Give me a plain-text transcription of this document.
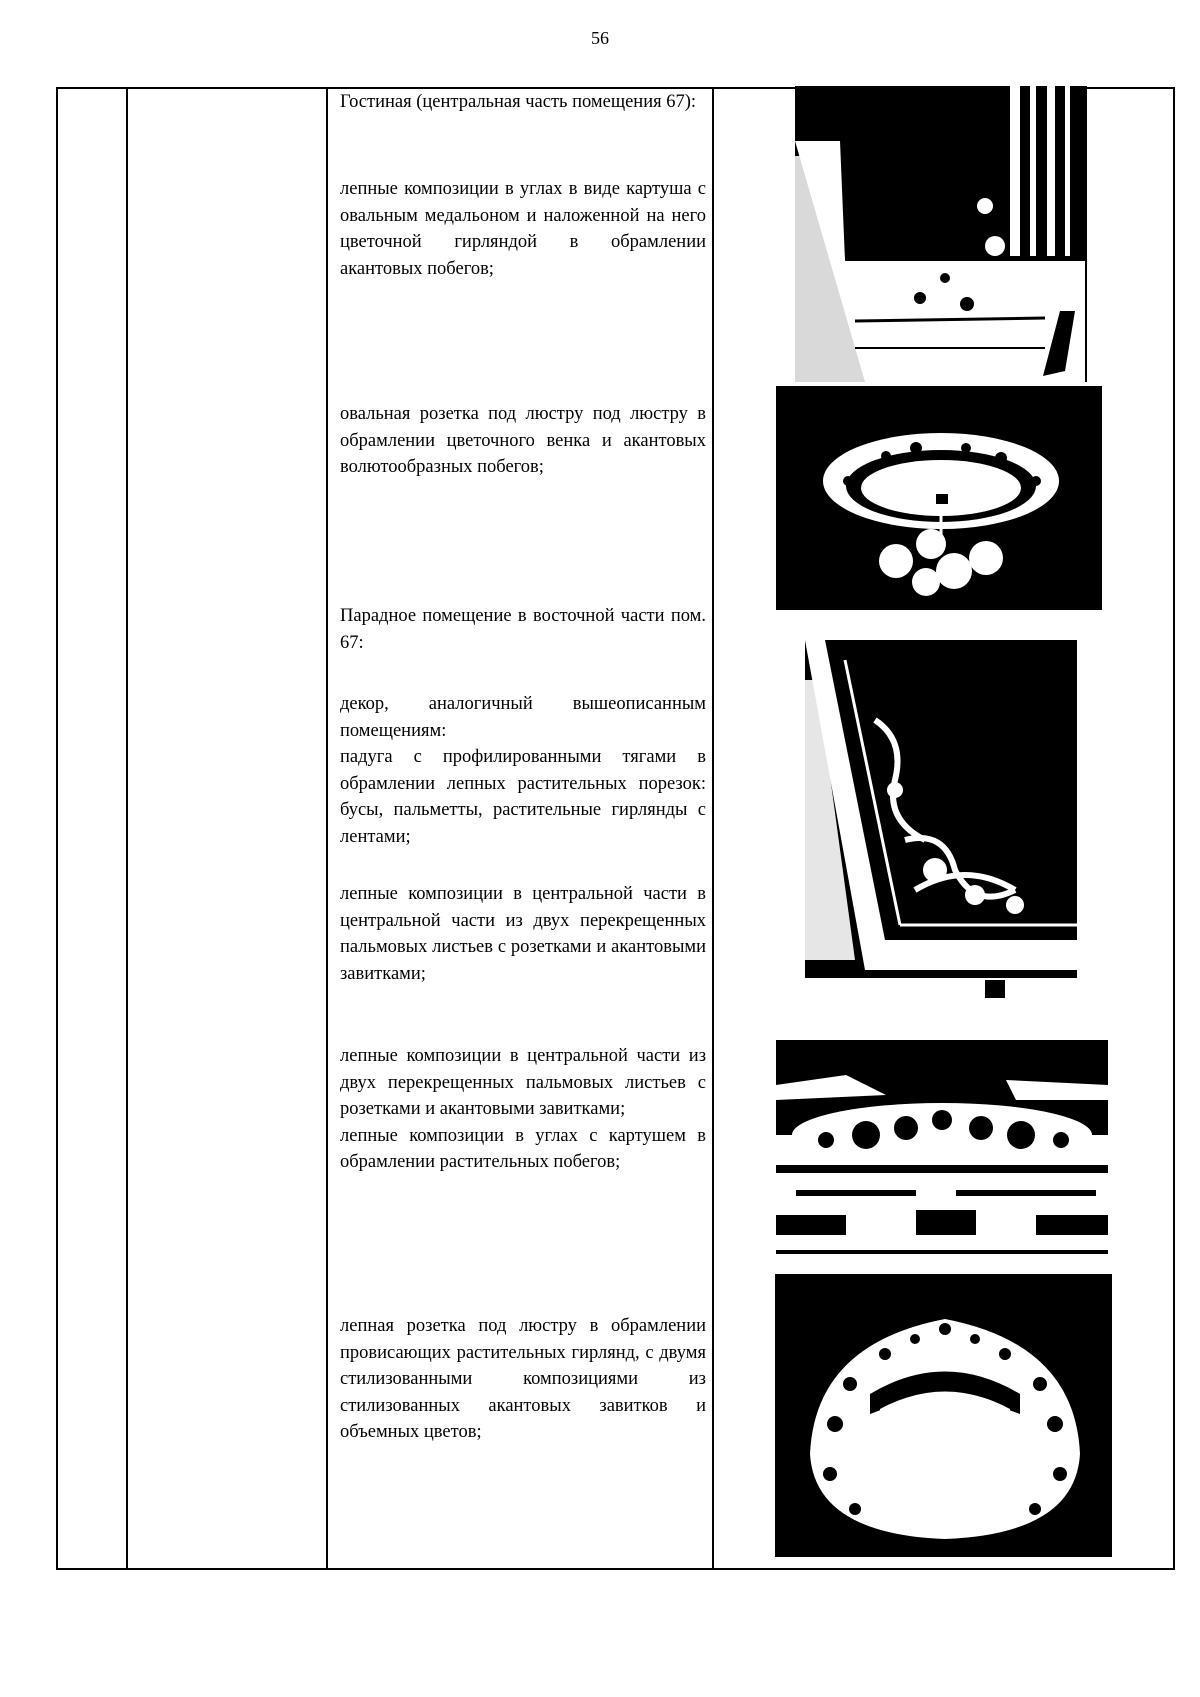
56
Гостиная (центральная часть помещения 67):
лепные композиции в углах в виде картуша с овальным медальоном и наложенной на него цветочной гирляндой в обрамлении акантовых побегов;
овальная розетка под люстру под люстру в обрамлении цветочного венка и акантовых волютообразных побегов;
Парадное помещение в восточной части пом. 67:
декор, аналогичный вышеописанным помещениям:
падуга с профилированными тягами в обрамлении лепных растительных порезок: бусы, пальметты, растительные гирлянды с лентами;
лепные композиции в центральной части в центральной части из двух перекрещенных пальмовых листьев с розетками и акантовыми завитками;
лепные композиции в центральной части из двух перекрещенных пальмовых листьев с розетками и акантовыми завитками;
лепные композиции в углах с картушем в обрамлении растительных побегов;
лепная розетка под люстру в обрамлении провисающих растительных гирлянд, с двумя стилизованными композициями из стилизованных акантовых завитков и объемных цветов;
